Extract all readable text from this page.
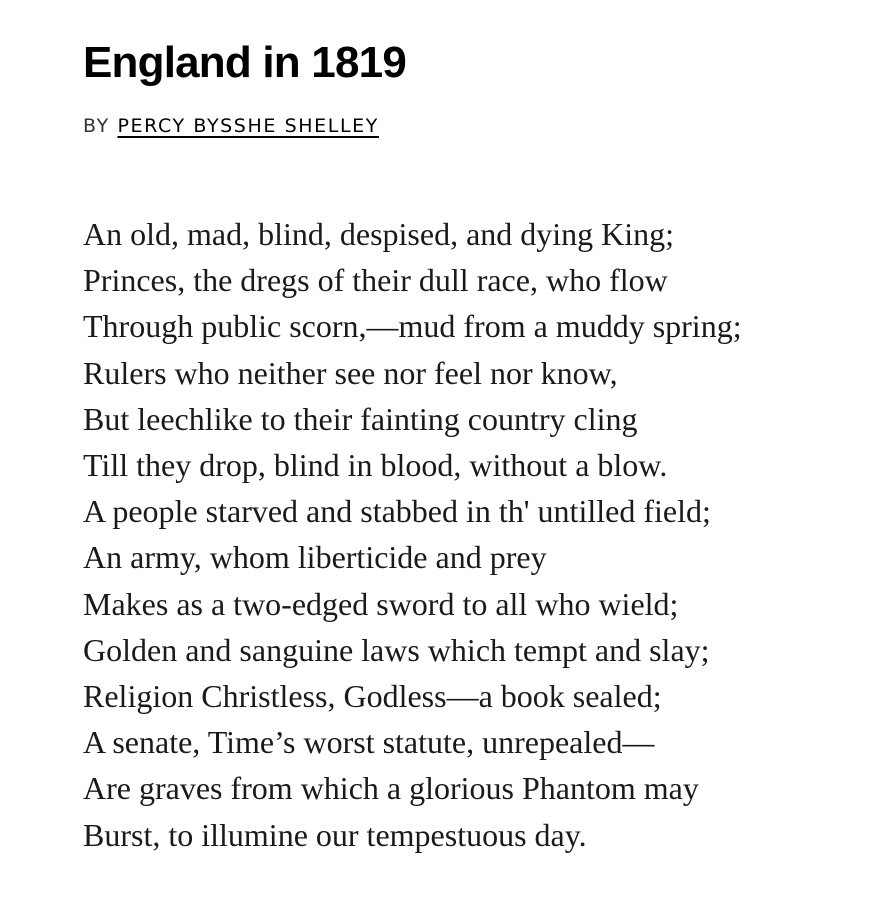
England in 1819
BY PERCY BYSSHE SHELLEY
An old, mad, blind, despised, and dying King;
Princes, the dregs of their dull race, who flow
Through public scorn,—mud from a muddy spring;
Rulers who neither see nor feel nor know,
But leechlike to their fainting country cling
Till they drop, blind in blood, without a blow.
A people starved and stabbed in th' untilled field;
An army, whom liberticide and prey
Makes as a two-edged sword to all who wield;
Golden and sanguine laws which tempt and slay;
Religion Christless, Godless—a book sealed;
A senate, Time’s worst statute, unrepealed—
Are graves from which a glorious Phantom may
Burst, to illumine our tempestuous day.
